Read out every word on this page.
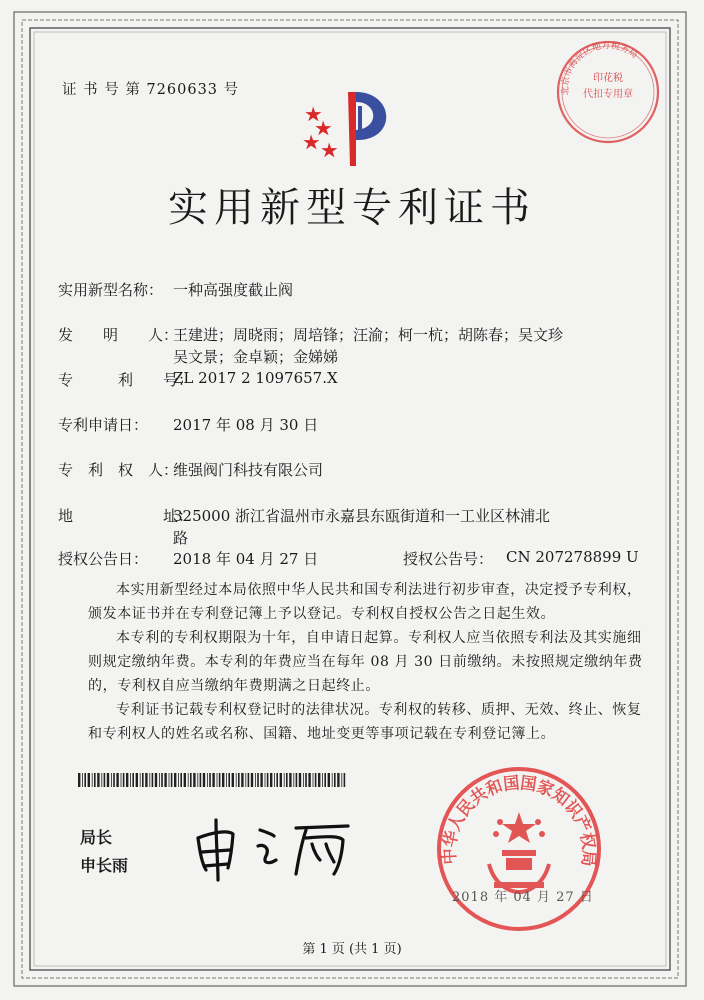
证 书 号 第 7260633 号
印花税
代扣专用章
北京市海淀区地方税务局
实用新型专利证书
实用新型名称： 一种高强度截止阀
发　　明　　人：
王建进；周晓雨；周培锋；汪渝；柯一杭；胡陈春；吴文珍
吴文景；金卓颖；金娣娣
专　　　利　　号：
ZL 2017 2 1097657.X
专利申请日： 2017 年 08 月 30 日
专　利　权　人：
维强阀门科技有限公司
地　　　　　　址：
325000 浙江省温州市永嘉县东瓯街道和一工业区林浦北
路
授权公告日： 2018 年 04 月 27 日	授权公告号： CN 207278899 U
本实用新型经过本局依照中华人民共和国专利法进行初步审查，决定授予专利权，颁发本证书并在专利登记簿上予以登记。专利权自授权公告之日起生效。
本专利的专利权期限为十年，自申请日起算。专利权人应当依照专利法及其实施细则规定缴纳年费。本专利的年费应当在每年 08 月 30 日前缴纳。未按照规定缴纳年费的，专利权自应当缴纳年费期满之日起终止。
专利证书记载专利权登记时的法律状况。专利权的转移、质押、无效、终止、恢复和专利权人的姓名或名称、国籍、地址变更等事项记载在专利登记簿上。
局长
申长雨
中华人民共和国国家知识产权局
2018 年 04 月 27 日
第 1 页 (共 1 页)
